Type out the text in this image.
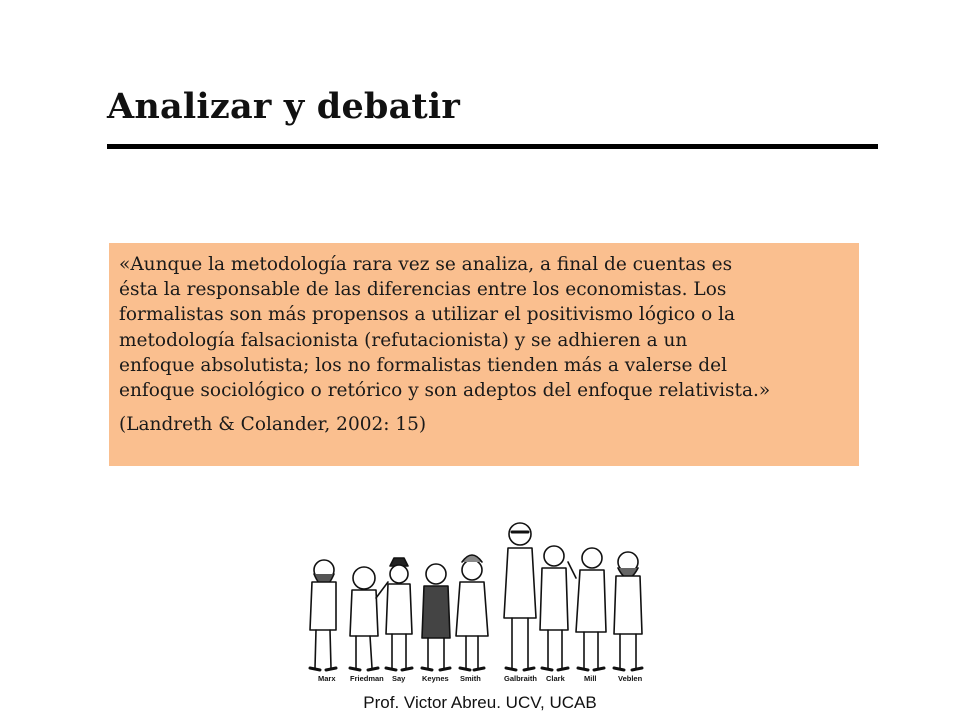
Analizar y debatir

«Aunque la metodología rara vez se analiza, a final de cuentas es
ésta la responsable de las diferencias entre los economistas. Los
formalistas son más propensos a utilizar el positivismo lógico o la
metodología falsacionista (refutacionista) y se adhieren a un
enfoque absolutista; los no formalistas tienden más a valerse del
enfoque sociológico o retórico y son adeptos del enfoque relativista.»

(Landreth & Colander, 2002: 15)

Marx Friedman Say Keynes Smith	Galbraith Clark	Mill	Veblen
Prof. Victor Abreu. UCV, UCAB
